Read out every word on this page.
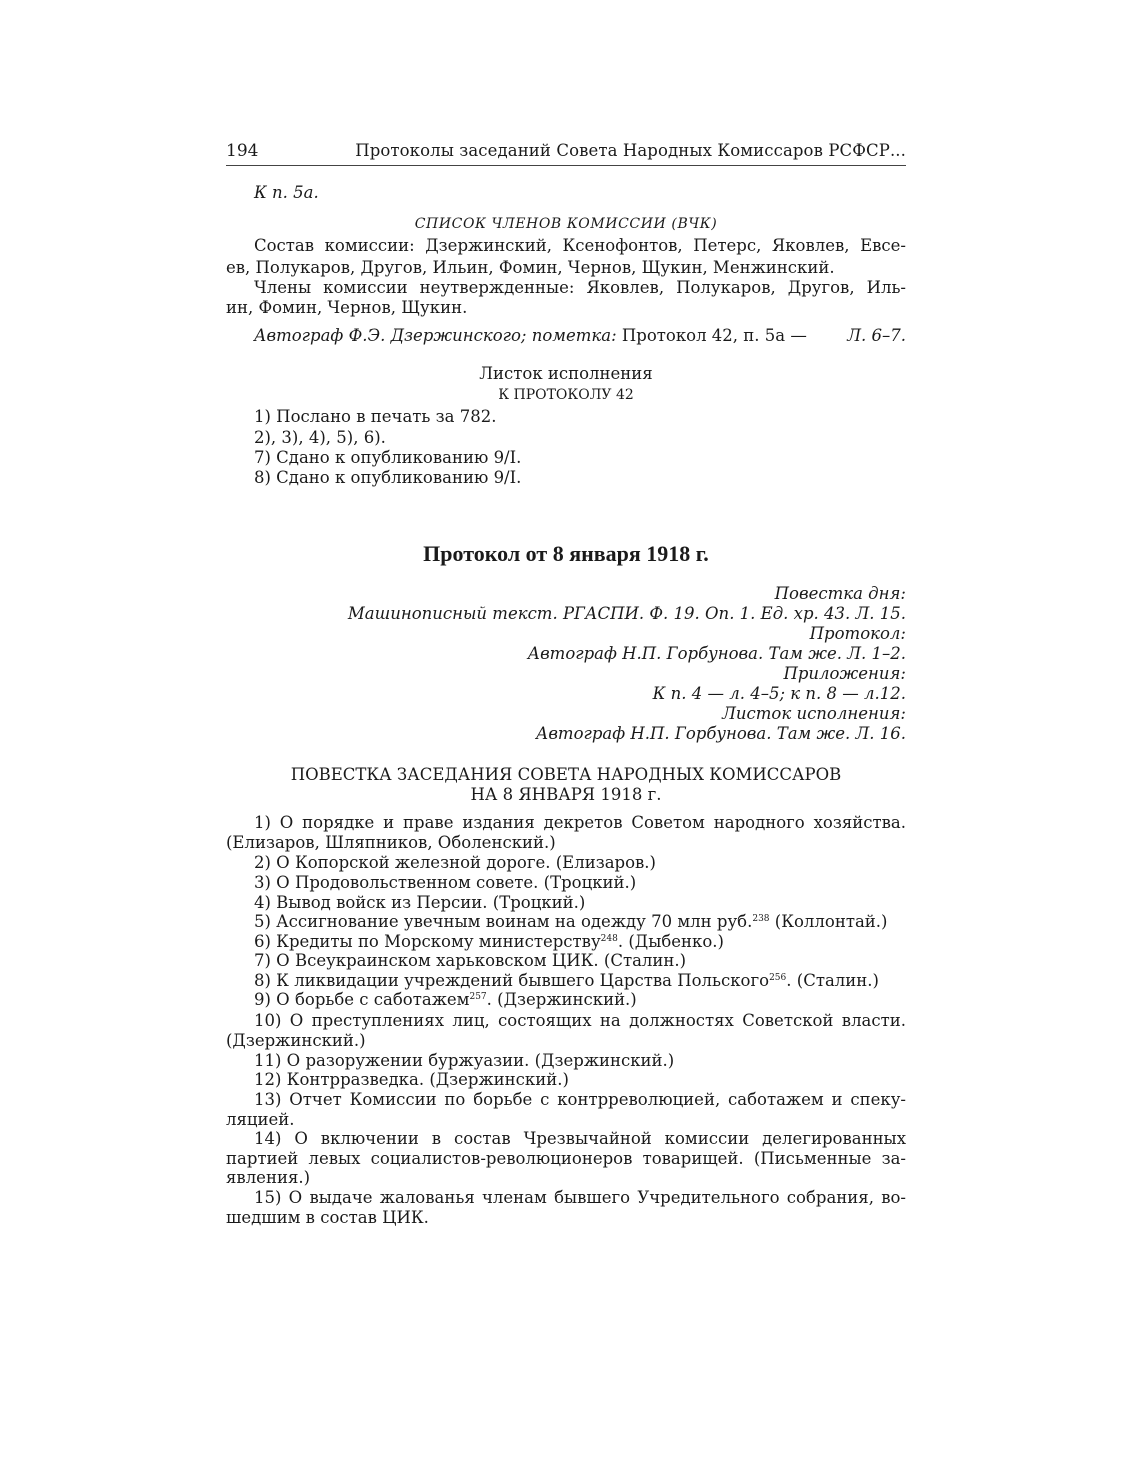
194	Протоколы заседаний Совета Народных Комиссаров РСФСР...
К п. 5а.
СПИСОК ЧЛЕНОВ КОМИССИИ (ВЧК)
Состав комиссии: Дзержинский, Ксенофонтов, Петерс, Яковлев, Евсе-
ев, Полукаров, Другов, Ильин, Фомин, Чернов, Щукин, Менжинский.
Члены комиссии неутвержденные: Яковлев, Полукаров, Другов, Иль-
ин, Фомин, Чернов, Щукин.
Автограф Ф.Э. Дзержинского; пометка: Протокол 42, п. 5а — Л. 6–7.
Листок исполнения
К ПРОТОКОЛУ 42
1) Послано в печать за 782.
2), 3), 4), 5), 6).
7) Сдано к опубликованию 9/I.
8) Сдано к опубликованию 9/I.
Протокол от 8 января 1918 г.
Повестка дня:
Машинописный текст. РГАСПИ. Ф. 19. Оп. 1. Ед. хр. 43. Л. 15.
Протокол:
Автограф Н.П. Горбунова. Там же. Л. 1–2.
Приложения:
К п. 4 — л. 4–5; к п. 8 — л.12.
Листок исполнения:
Автограф Н.П. Горбунова. Там же. Л. 16.
ПОВЕСТКА ЗАСЕДАНИЯ СОВЕТА НАРОДНЫХ КОМИССАРОВ
НА 8 ЯНВАРЯ 1918 г.
1) О порядке и праве издания декретов Советом народного хозяйства.
(Елизаров, Шляпников, Оболенский.)
2) О Копорской железной дороге. (Елизаров.)
3) О Продовольственном совете. (Троцкий.)
4) Вывод войск из Персии. (Троцкий.)
5) Ассигнование увечным воинам на одежду 70 млн руб.$^{238}$ (Коллонтай.)
6) Кредиты по Морскому министерству$^{248}$. (Дыбенко.)
7) О Всеукраинском харьковском ЦИК. (Сталин.)
8) К ликвидации учреждений бывшего Царства Польского$^{256}$. (Сталин.)
9) О борьбе с саботажем$^{257}$. (Дзержинский.)
10) О преступлениях лиц, состоящих на должностях Советской власти.
(Дзержинский.)
11) О разоружении буржуазии. (Дзержинский.)
12) Контрразведка. (Дзержинский.)
13) Отчет Комиссии по борьбе с контрреволюцией, саботажем и спеку-
ляцией.
14) О включении в состав Чрезвычайной комиссии делегированных
партией левых социалистов-революционеров товарищей. (Письменные за-
явления.)
15) О выдаче жалованья членам бывшего Учредительного собрания, во-
шедшим в состав ЦИК.
